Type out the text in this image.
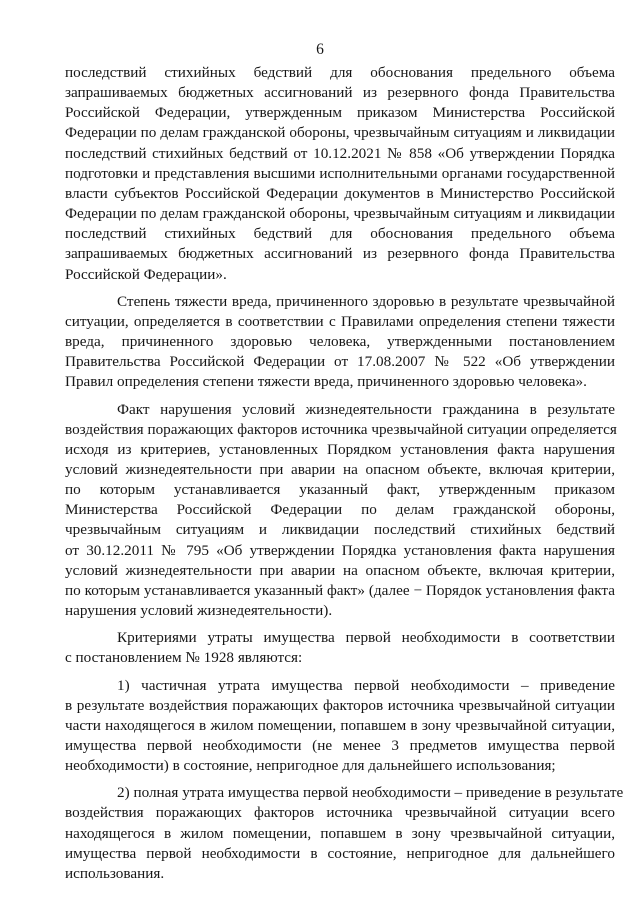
6
последствий стихийных бедствий для обоснования предельного объема
запрашиваемых бюджетных ассигнований из резервного фонда Правительства
Российской Федерации, утвержденным приказом Министерства Российской
Федерации по делам гражданской обороны, чрезвычайным ситуациям и ликвидации
последствий стихийных бедствий от 10.12.2021 № 858 «Об утверждении Порядка
подготовки и представления высшими исполнительными органами государственной
власти субъектов Российской Федерации документов в Министерство Российской
Федерации по делам гражданской обороны, чрезвычайным ситуациям и ликвидации
последствий стихийных бедствий для обоснования предельного объема
запрашиваемых бюджетных ассигнований из резервного фонда Правительства
Российской Федерации».
Степень тяжести вреда, причиненного здоровью в результате чрезвычайной
ситуации, определяется в соответствии с Правилами определения степени тяжести
вреда, причиненного здоровью человека, утвержденными постановлением
Правительства Российской Федерации от 17.08.2007 № 522 «Об утверждении
Правил определения степени тяжести вреда, причиненного здоровью человека».
Факт нарушения условий жизнедеятельности гражданина в результате
воздействия поражающих факторов источника чрезвычайной ситуации определяется
исходя из критериев, установленных Порядком установления факта нарушения
условий жизнедеятельности при аварии на опасном объекте, включая критерии,
по которым устанавливается указанный факт, утвержденным приказом
Министерства Российской Федерации по делам гражданской обороны,
чрезвычайным ситуациям и ликвидации последствий стихийных бедствий
от 30.12.2011 № 795 «Об утверждении Порядка установления факта нарушения
условий жизнедеятельности при аварии на опасном объекте, включая критерии,
по которым устанавливается указанный факт» (далее − Порядок установления факта
нарушения условий жизнедеятельности).
Критериями утраты имущества первой необходимости в соответствии
с постановлением № 1928 являются:
1) частичная утрата имущества первой необходимости – приведение
в результате воздействия поражающих факторов источника чрезвычайной ситуации
части находящегося в жилом помещении, попавшем в зону чрезвычайной ситуации,
имущества первой необходимости (не менее 3 предметов имущества первой
необходимости) в состояние, непригодное для дальнейшего использования;
2) полная утрата имущества первой необходимости – приведение в результате
воздействия поражающих факторов источника чрезвычайной ситуации всего
находящегося в жилом помещении, попавшем в зону чрезвычайной ситуации,
имущества первой необходимости в состояние, непригодное для дальнейшего
использования.
